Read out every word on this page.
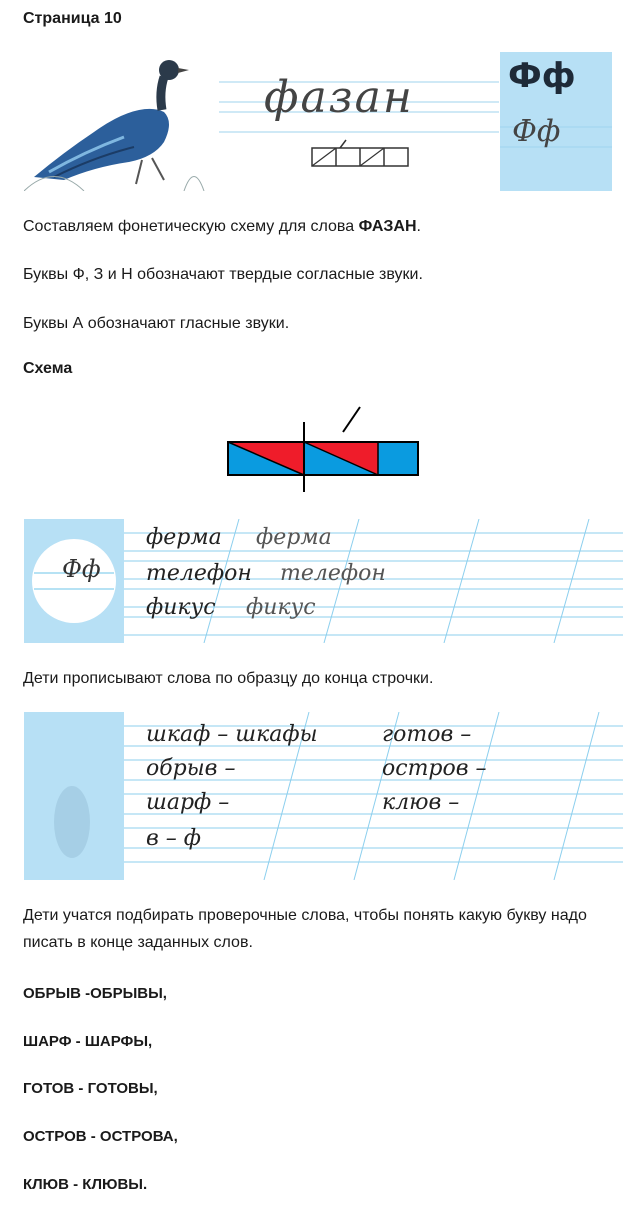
Страница 10
фазан	Фф
Фф
Составляем фонетическую схему для слова ФАЗАН.
Буквы Ф, З и Н обозначают твердые согласные звуки.
Буквы А обозначают гласные звуки.
Схема
Фф
ферма ферма
телефон телефон
фикус фикус
Дети прописывают слова по образцу до конца строчки.
шкаф – шкафы
обрыв –
шарф –
в – ф
готов –
остров –
клюв –
Дети учатся подбирать проверочные слова, чтобы понять какую букву надо писать в конце заданных слов.
ОБРЫВ -ОБРЫВЫ,
ШАРФ - ШАРФЫ,
ГОТОВ - ГОТОВЫ,
ОСТРОВ - ОСТРОВА,
КЛЮВ - КЛЮВЫ.
